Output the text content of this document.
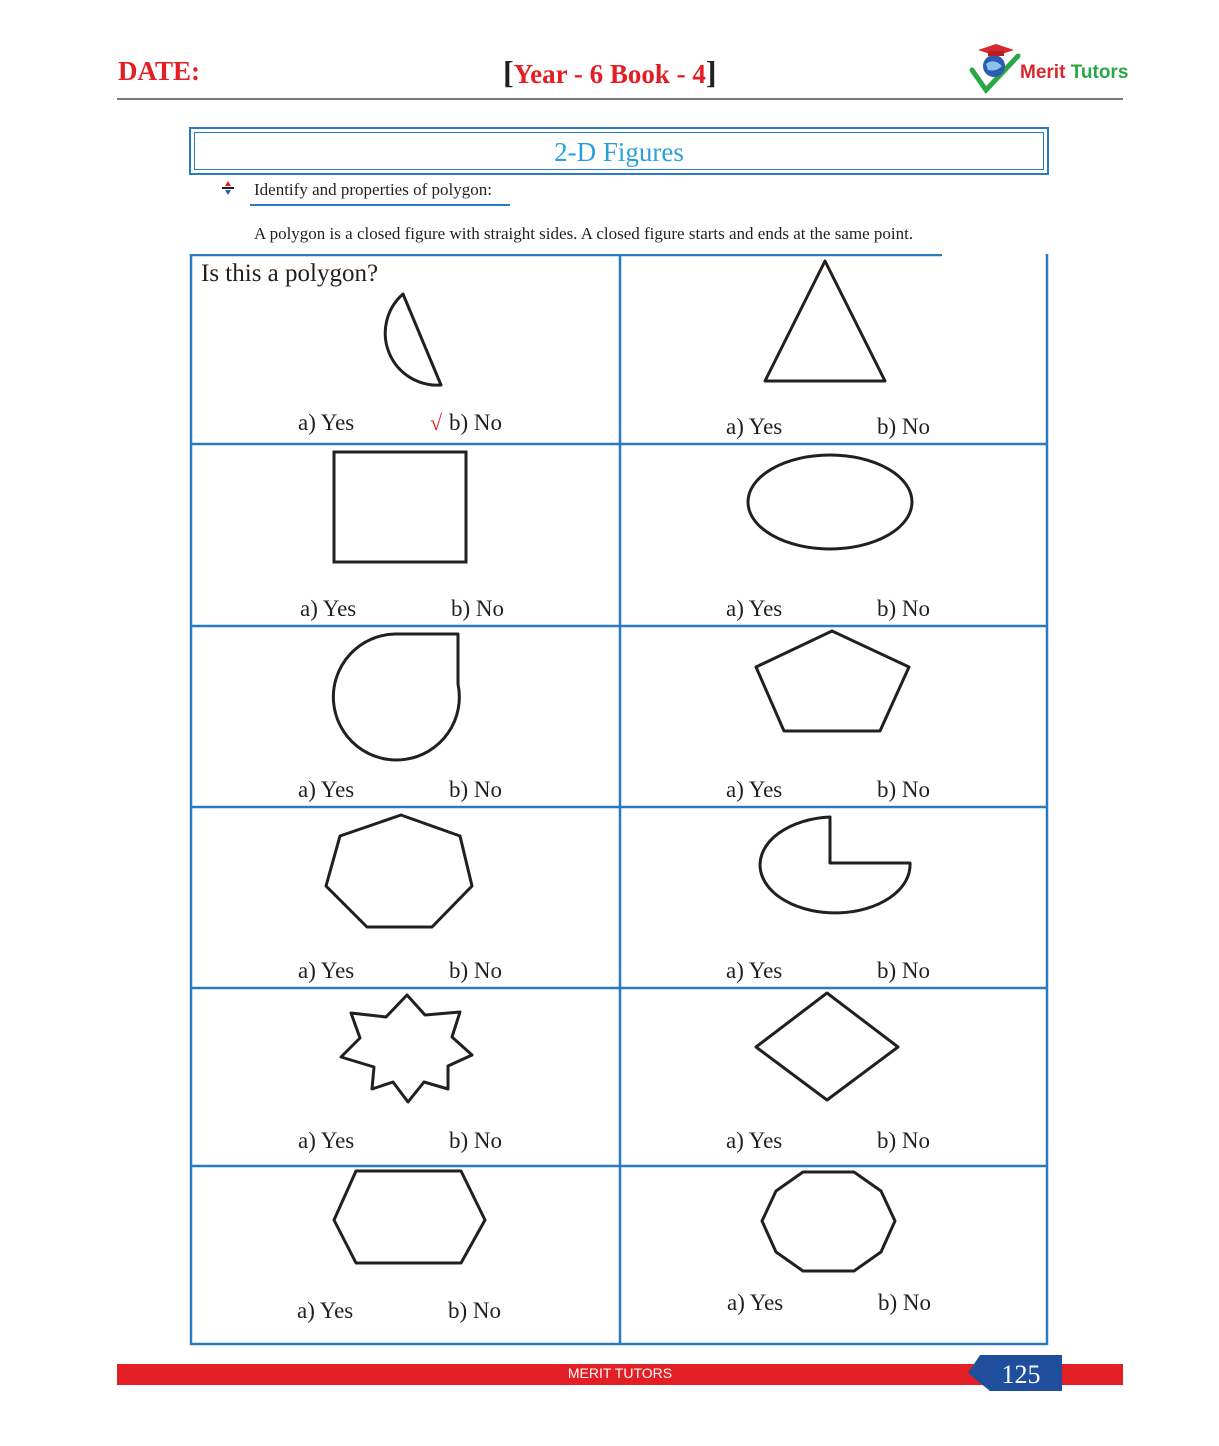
DATE:	[Year - 6 Book - 4]	Merit Tutors
2-D Figures
Identify and properties of polygon:
A polygon is a closed figure with straight sides. A closed figure starts and ends at the same point.
Is this a polygon?
a) Yes	√ b) No	a) Yes	b) No
a) Yes	b) No	a) Yes	b) No
a) Yes	b) No	a) Yes	b) No
a) Yes	b) No	a) Yes	b) No
a) Yes	b) No	a) Yes	b) No
a) Yes	b) No	a) Yes	b) No
MERIT TUTORS	125
